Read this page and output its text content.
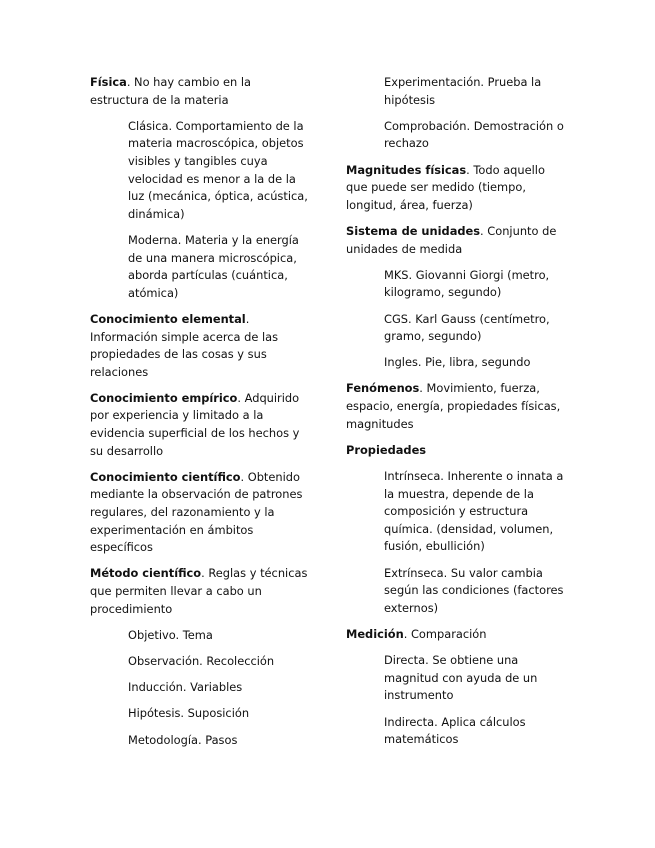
Física. No hay cambio en la estructura de la materia

Clásica. Comportamiento de la materia macroscópica, objetos visibles y tangibles cuya velocidad es menor a la de la luz (mecánica, óptica, acústica, dinámica)

Moderna. Materia y la energía de una manera microscópica, aborda partículas (cuántica, atómica)

Conocimiento elemental. Información simple acerca de las propiedades de las cosas y sus relaciones

Conocimiento empírico. Adquirido por experiencia y limitado a la evidencia superficial de los hechos y su desarrollo

Conocimiento científico. Obtenido mediante la observación de patrones regulares, del razonamiento y la experimentación en ámbitos específicos

Método científico. Reglas y técnicas que permiten llevar a cabo un procedimiento

Objetivo. Tema

Observación. Recolección

Inducción. Variables

Hipótesis. Suposición

Metodología. Pasos

Experimentación. Prueba la hipótesis

Comprobación. Demostración o rechazo

Magnitudes físicas. Todo aquello que puede ser medido (tiempo, longitud, área, fuerza)

Sistema de unidades. Conjunto de unidades de medida

MKS. Giovanni Giorgi (metro, kilogramo, segundo)

CGS. Karl Gauss (centímetro, gramo, segundo)

Ingles. Pie, libra, segundo

Fenómenos. Movimiento, fuerza, espacio, energía, propiedades físicas, magnitudes

Propiedades

Intrínseca. Inherente o innata a la muestra, depende de la composición y estructura química. (densidad, volumen, fusión, ebullición)

Extrínseca. Su valor cambia según las condiciones (factores externos)

Medición. Comparación

Directa. Se obtiene una magnitud con ayuda de un instrumento

Indirecta. Aplica cálculos matemáticos
